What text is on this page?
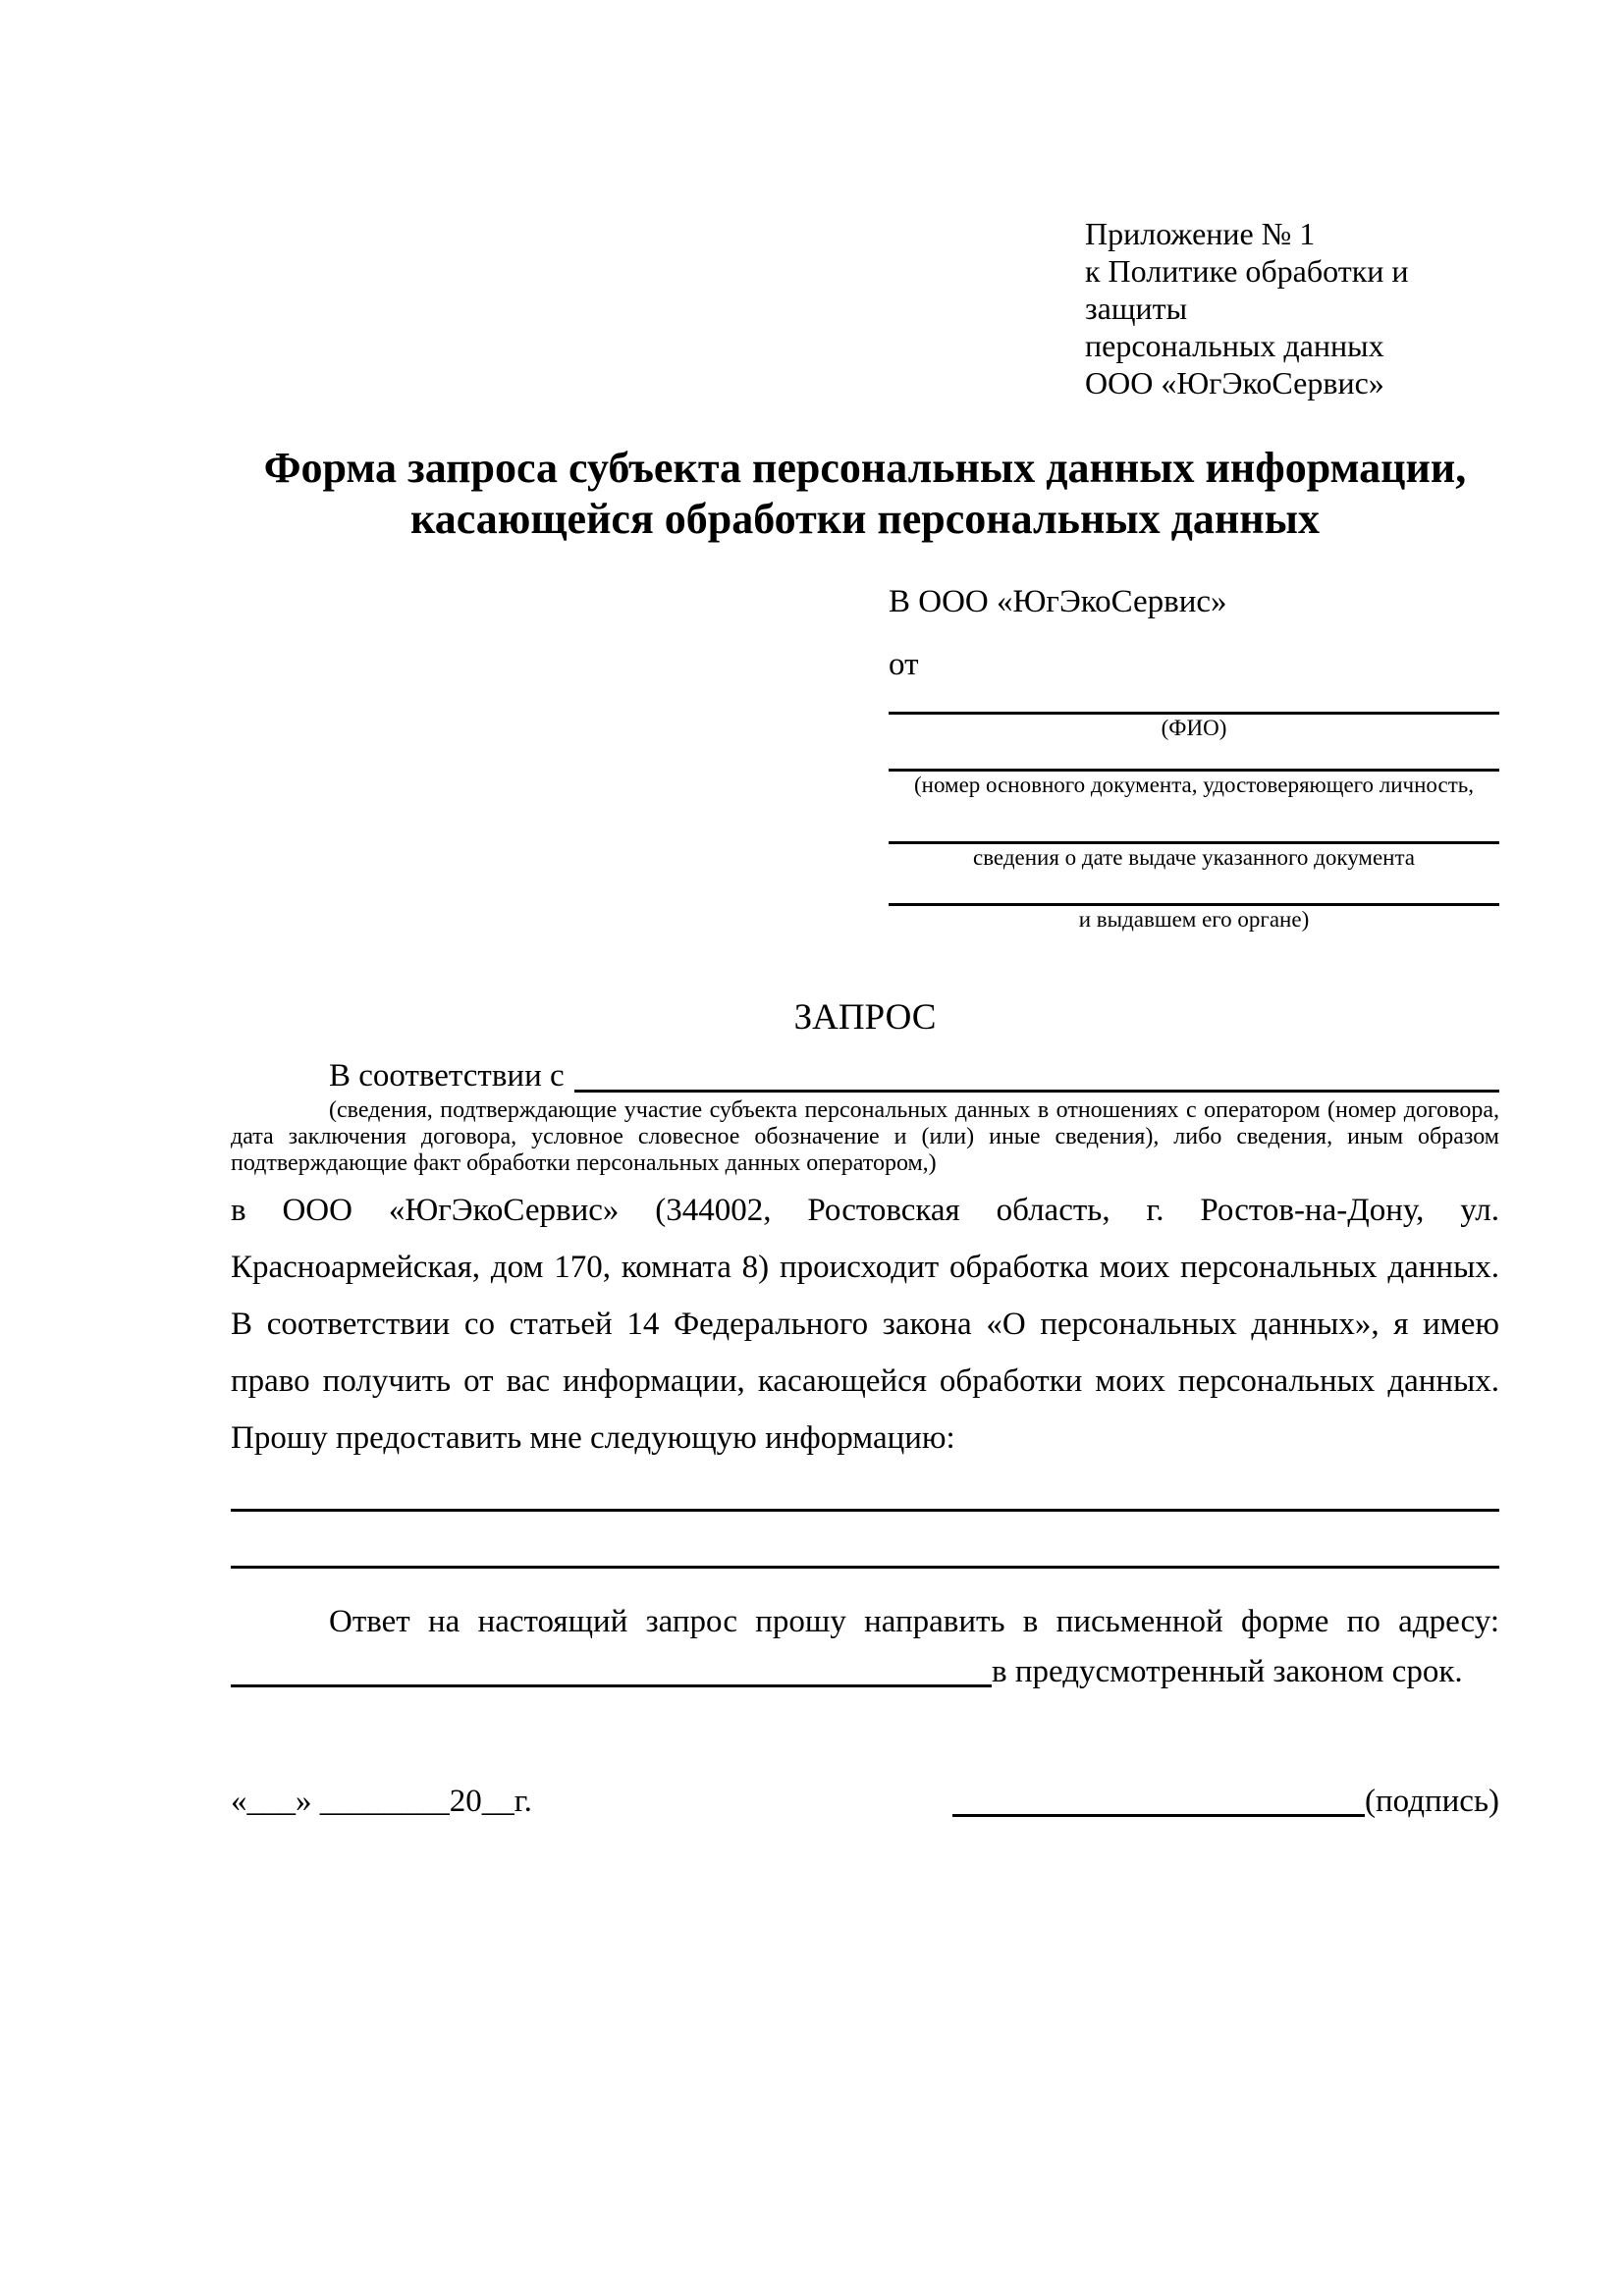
Приложение № 1
к Политике обработки и защиты
персональных данных
ООО «ЮгЭкоСервис»
Форма запроса субъекта персональных данных информации,
касающейся обработки персональных данных
В ООО «ЮгЭкоСервис»
от
(ФИО)
(номер основного документа, удостоверяющего личность,
сведения о дате выдаче указанного документа
и выдавшем его органе)
ЗАПРОС
В соответствии с
(сведения, подтверждающие участие субъекта персональных данных в отношениях с оператором (номер договора, дата заключения договора, условное словесное обозначение и (или) иные сведения), либо сведения, иным образом подтверждающие факт обработки персональных данных оператором,)
в ООО «ЮгЭкоСервис» (344002, Ростовская область, г. Ростов-на-Дону, ул. Красноармейская, дом 170, комната 8) происходит обработка моих персональных данных. В соответствии со статьей 14 Федерального закона «О персональных данных», я имею право получить от вас информации, касающейся обработки моих персональных данных. Прошу предоставить мне следующую информацию:
Ответ на настоящий запрос прошу направить в письменной форме по адресу:
в предусмотренный законом срок.
«___» ________20__г.	(подпись)
